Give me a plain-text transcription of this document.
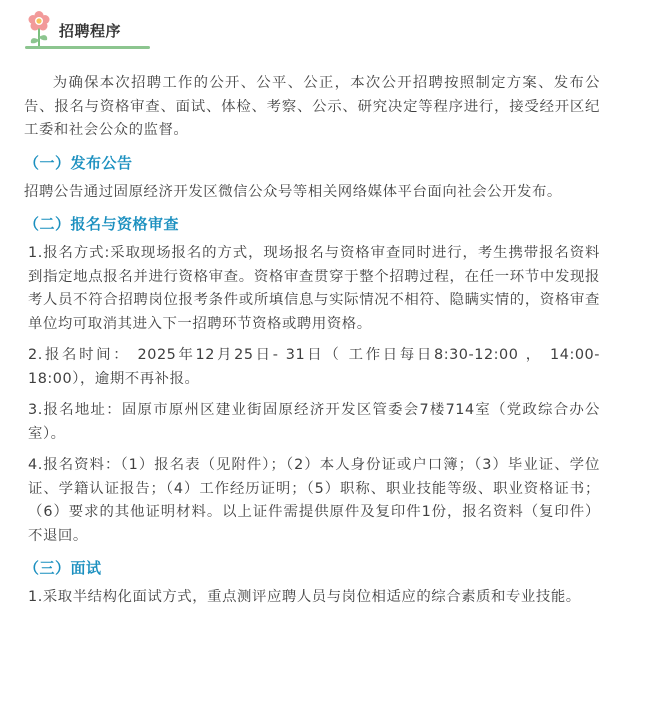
招聘程序

为确保本次招聘工作的公开、公平、公正，本次公开招聘按照制定方案、发布公告、报名与资格审查、面试、体检、考察、公示、研究决定等程序进行，接受经开区纪工委和社会公众的监督。

（一）发布公告

招聘公告通过固原经济开发区微信公众号等相关网络媒体平台面向社会公开发布。

（二）报名与资格审查

1.报名方式:采取现场报名的方式，现场报名与资格审查同时进行，考生携带报名资料到指定地点报名并进行资格审查。资格审查贯穿于整个招聘过程，在任一环节中发现报考人员不符合招聘岗位报考条件或所填信息与实际情况不相符、隐瞒实情的，资格审查单位均可取消其进入下一招聘环节资格或聘用资格。

2.报名时间： 2025年12月25日- 31日（ 工作日每日8:30-12:00 ， 14:00-18:00），逾期不再补报。

3.报名地址：固原市原州区建业街固原经济开发区管委会7楼714室（党政综合办公室）。

4.报名资料：（1）报名表（见附件）；（2）本人身份证或户口簿；（3）毕业证、学位证、学籍认证报告；（4）工作经历证明；（5）职称、职业技能等级、职业资格证书；（6）要求的其他证明材料。以上证件需提供原件及复印件1份，报名资料（复印件）不退回。

（三）面试

1.采取半结构化面试方式，重点测评应聘人员与岗位相适应的综合素质和专业技能。
